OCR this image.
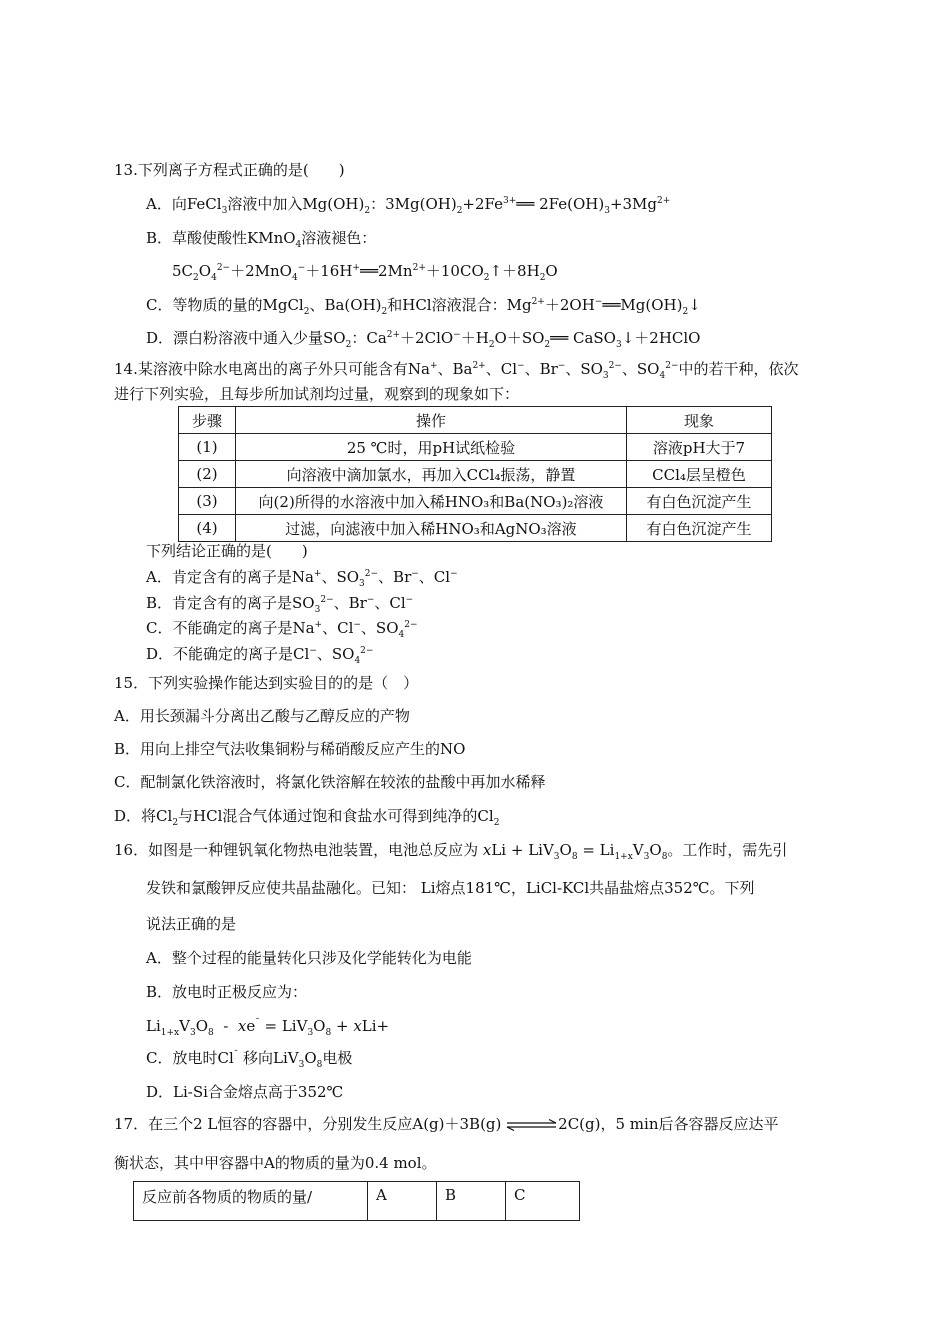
13.下列离子方程式正确的是(　　)
A．向FeCl$_3$溶液中加入$Mg(OH)_2$：$3Mg(OH)_2+2Fe^{3+}══$ $2Fe(OH)_3+3Mg^{2+}$
B．草酸使酸性KMnO$_4$溶液褪色：
$5C_2O_4^{2-}+2MnO_4^-+16H^+══2Mn^{2+}+10CO_2↑+8H_2O$
C．等物质的量的MgCl$_2$、$Ba(OH)_2$和HCl溶液混合：$Mg^{2+}+2OH^-══Mg(OH)_2↓$
D．漂白粉溶液中通入少量$SO_2$：$Ca^{2+}+2ClO^-+H_2O+SO_2══$ CaSO$_3$↓＋2HClO
14.某溶液中除水电离出的离子外只可能含有Na+、$Ba^{2+}$、Cl−、Br−、$SO_3^{2-}$、$SO_4^{2-}$中的若干种，依次
进行下列实验，且每步所加试剂均过量，观察到的现象如下：
步骤	操作	现象
(1)	25 ℃时，用pH试纸检验	溶液pH大于7
(2)	向溶液中滴加氯水，再加入CCl₄振荡，静置	CCl₄层呈橙色
(3)	向(2)所得的水溶液中加入稀HNO₃和Ba(NO₃)₂溶液	有白色沉淀产生
(4)	过滤，向滤液中加入稀HNO₃和AgNO₃溶液	有白色沉淀产生
下列结论正确的是(　　)
A．肯定含有的离子是Na+、$SO_3^{2-}$、Br−、Cl−
B．肯定含有的离子是$SO_3^{2-}$、Br−、Cl−
C．不能确定的离子是Na+、Cl−、$SO_4^{2-}$
D．不能确定的离子是Cl−、$SO_4^{2-}$
15．下列实验操作能达到实验目的的是（　）
A．用长颈漏斗分离出乙酸与乙醇反应的产物
B．用向上排空气法收集铜粉与稀硝酸反应产生的NO
C．配制氯化铁溶液时，将氯化铁溶解在较浓的盐酸中再加水稀释
D．将$Cl_2$与HCl混合气体通过饱和食盐水可得到纯净的$Cl_2$
16．如图是一种锂钒氧化物热电池装置，电池总反应为 xLi + $LiV_3O_8 = Li_{1+x}V_3O_8$。工作时，需先引
发铁和氯酸钾反应使共晶盐融化。已知： Li熔点181℃，LiCl-KCl共晶盐熔点352℃。下列
说法正确的是
A．整个过程的能量转化只涉及化学能转化为电能
B．放电时正极反应为：
$Li_{1+x}V_3O_8 - xe^¯ = LiV_3O_8 + xLi+$
C．放电时Cl¯ 移向$LiV_3O_8$电极
D．Li-Si合金熔点高于352℃
17．在三个2 L恒容的容器中，分别发生反应A(g)＋3B(g) ⇌2C(g)，5 min后各容器反应达平
衡状态，其中甲容器中A的物质的量为0.4 mol。
反应前各物质的物质的量/	A	B	C
